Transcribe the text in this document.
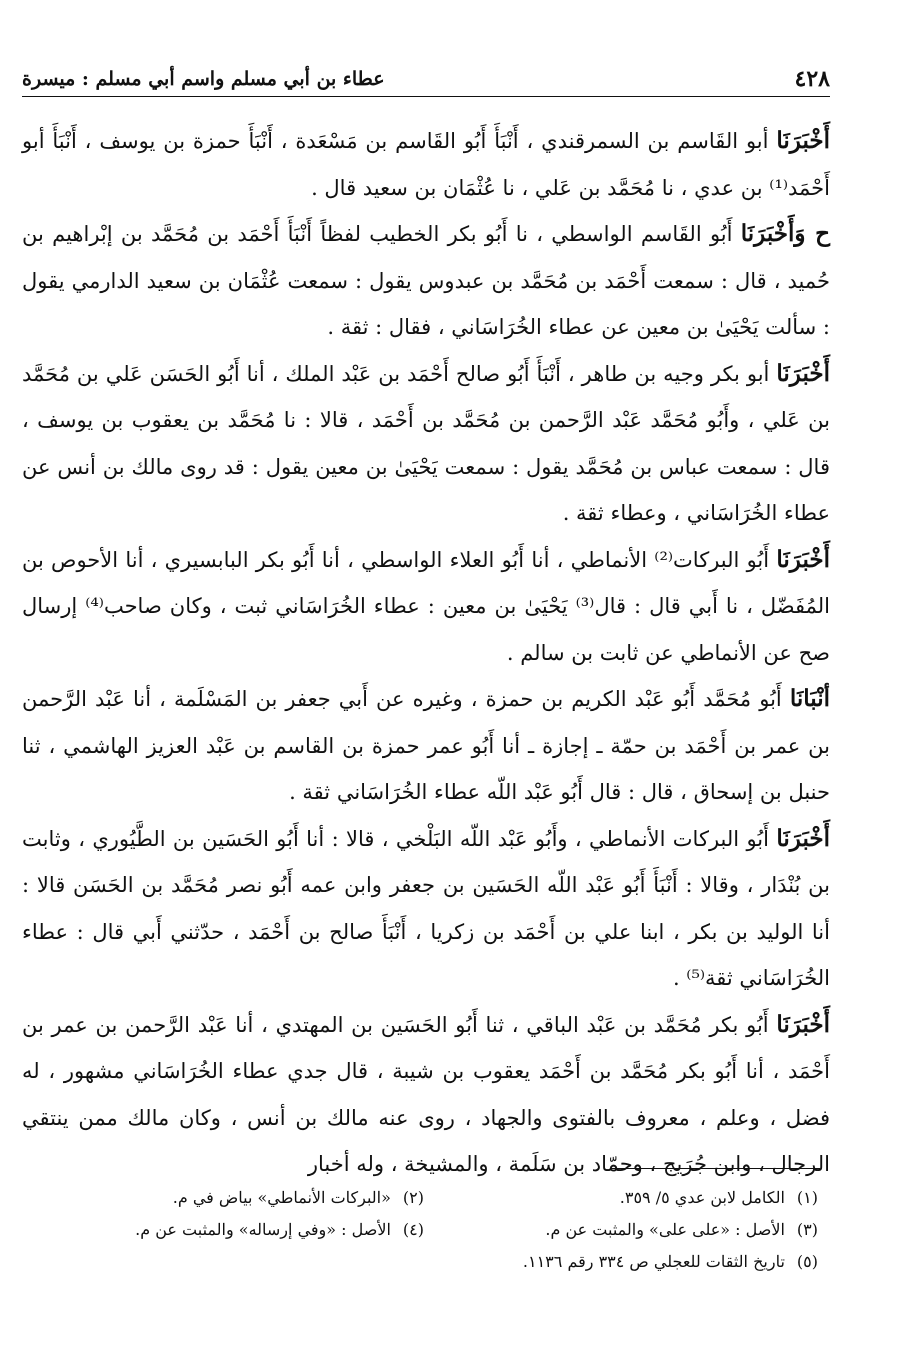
٤٢٨
عطاء بن أبي مسلم واسم أبي مسلم : ميسرة

أَخْبَرَنَا أبو القَاسم بن السمرقندي ، أَنْبَأَ أَبُو القَاسم بن مَسْعَدة ، أَنْبَأَ حمزة بن يوسف ، أَنْبَأَ أبو أَحْمَد⁽¹⁾ بن عدي ، نا مُحَمَّد بن عَلي ، نا عُثْمَان بن سعيد قال .

ح وَأَخْبَرَنَا أَبُو القَاسم الواسطي ، نا أَبُو بكر الخطيب لفظاً أَنْبَأَ أَحْمَد بن مُحَمَّد بن إبْراهيم بن حُميد ، قال : سمعت أَحْمَد بن مُحَمَّد بن عبدوس يقول : سمعت عُثْمَان بن سعيد الدارمي يقول : سألت يَحْيَىٰ بن معين عن عطاء الخُرَاسَاني ، فقال : ثقة .

أَخْبَرَنَا أبو بكر وجيه بن طاهر ، أَنْبَأَ أَبُو صالح أَحْمَد بن عَبْد الملك ، أنا أَبُو الحَسَن عَلي بن مُحَمَّد بن عَلي ، وأَبُو مُحَمَّد عَبْد الرَّحمن بن مُحَمَّد بن أَحْمَد ، قالا : نا مُحَمَّد بن يعقوب بن يوسف ، قال : سمعت عباس بن مُحَمَّد يقول : سمعت يَحْيَىٰ بن معين يقول : قد روى مالك بن أنس عن عطاء الخُرَاسَاني ، وعطاء ثقة .

أَخْبَرَنَا أَبُو البركات⁽²⁾ الأنماطي ، أنا أَبُو العلاء الواسطي ، أنا أَبُو بكر البابسيري ، أنا الأحوص بن المُفَضّل ، نا أَبي قال : قال⁽³⁾ يَحْيَىٰ بن معين : عطاء الخُرَاسَاني ثبت ، وكان صاحب⁽⁴⁾ إرسال صح عن الأنماطي عن ثابت بن سالم .

أنْبَانَا أَبُو مُحَمَّد أَبُو عَبْد الكريم بن حمزة ، وغيره عن أَبي جعفر بن المَسْلَمة ، أنا عَبْد الرَّحمن بن عمر بن أَحْمَد بن حمّة ـ إجازة ـ أنا أَبُو عمر حمزة بن القاسم بن عَبْد العزيز الهاشمي ، ثنا حنبل بن إسحاق ، قال : قال أَبُو عَبْد اللّه عطاء الخُرَاسَاني ثقة .

أَخْبَرَنَا أَبُو البركات الأنماطي ، وأَبُو عَبْد اللّه البَلْخي ، قالا : أنا أَبُو الحَسَين بن الطَّيُوري ، وثابت بن بُنْدَار ، وقالا : أَنْبَأَ أَبُو عَبْد اللّه الحَسَين بن جعفر وابن عمه أَبُو نصر مُحَمَّد بن الحَسَن قالا : أنا الوليد بن بكر ، ابنا علي بن أَحْمَد بن زكريا ، أَنْبَأَ صالح بن أَحْمَد ، حدّثني أَبي قال : عطاء الخُرَاسَاني ثقة⁽⁵⁾ .

أَخْبَرَنَا أَبُو بكر مُحَمَّد بن عَبْد الباقي ، ثنا أَبُو الحَسَين بن المهتدي ، أنا عَبْد الرَّحمن بن عمر بن أَحْمَد ، أنا أَبُو بكر مُحَمَّد بن أَحْمَد يعقوب بن شيبة ، قال جدي عطاء الخُرَاسَاني مشهور ، له فضل ، وعلم ، معروف بالفتوى والجهاد ، روى عنه مالك بن أنس ، وكان مالك ممن ينتقي الرجال ، وابن جُرَيج ، وحمّاد بن سَلَمة ، والمشيخة ، وله أخبار

(١)الكامل لابن عدي ٥/ ٣٥٩.
(٢)«البركات الأنماطي» بياض في م.
(٣)الأصل : «على على» والمثبت عن م.
(٤)الأصل : «وفي إرساله» والمثبت عن م.
(٥)تاريخ الثقات للعجلي ص ٣٣٤ رقم ١١٣٦.
